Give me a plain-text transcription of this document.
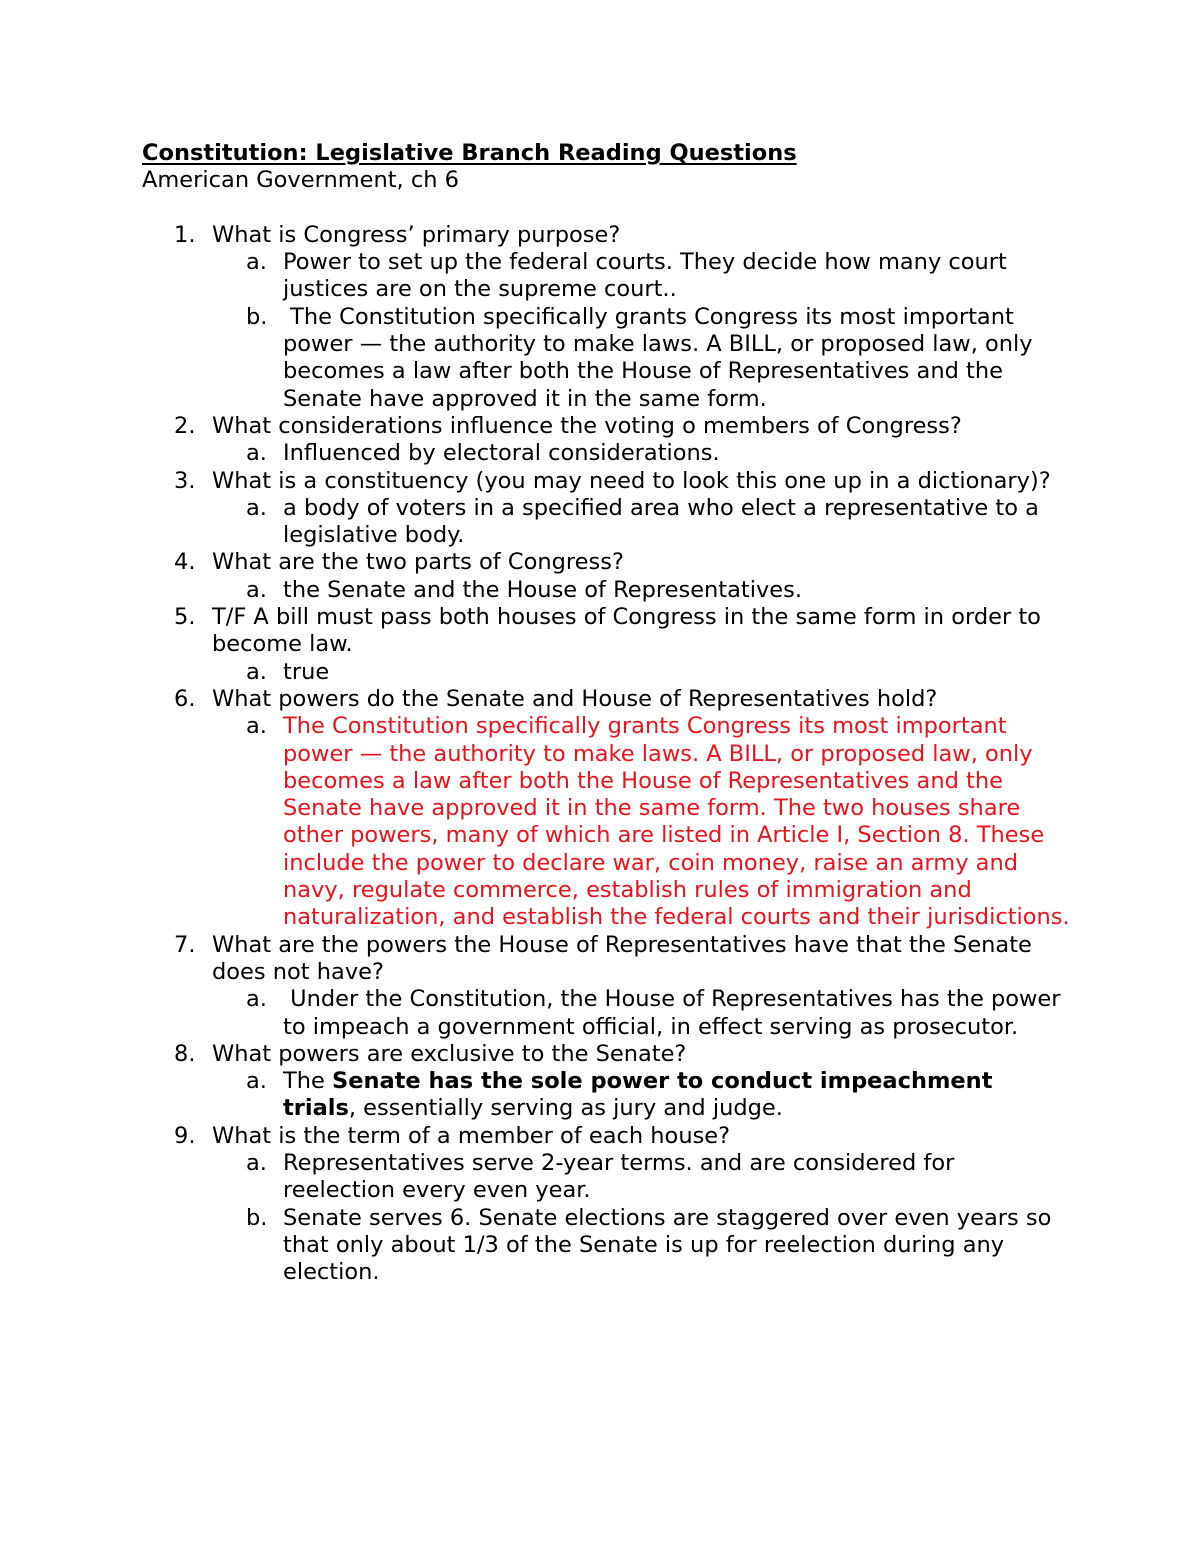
Constitution: Legislative Branch Reading Questions
American Government, ch 6
1. What is Congress’ primary purpose?
a. Power to set up the federal courts. They decide how many court justices are on the supreme court..
b. The Constitution specifically grants Congress its most important power — the authority to make laws. A BILL, or proposed law, only becomes a law after both the House of Representatives and the Senate have approved it in the same form.
2. What considerations influence the voting o members of Congress?
a. Influenced by electoral considerations.
3. What is a constituency (you may need to look this one up in a dictionary)?
a. a body of voters in a specified area who elect a representative to a legislative body.
4. What are the two parts of Congress?
a. the Senate and the House of Representatives.
5. T/F A bill must pass both houses of Congress in the same form in order to become law.
a. true
6. What powers do the Senate and House of Representatives hold?
a. The Constitution specifically grants Congress its most important power — the authority to make laws. A BILL, or proposed law, only becomes a law after both the House of Representatives and the Senate have approved it in the same form. The two houses share other powers, many of which are listed in Article I, Section 8. These include the power to declare war, coin money, raise an army and navy, regulate commerce, establish rules of immigration and naturalization, and establish the federal courts and their jurisdictions.
7. What are the powers the House of Representatives have that the Senate does not have?
a. Under the Constitution, the House of Representatives has the power to impeach a government official, in effect serving as prosecutor.
8. What powers are exclusive to the Senate?
a. The Senate has the sole power to conduct impeachment trials, essentially serving as jury and judge.
9. What is the term of a member of each house?
a. Representatives serve 2-year terms. and are considered for reelection every even year.
b. Senate serves 6. Senate elections are staggered over even years so that only about 1/3 of the Senate is up for reelection during any election.
